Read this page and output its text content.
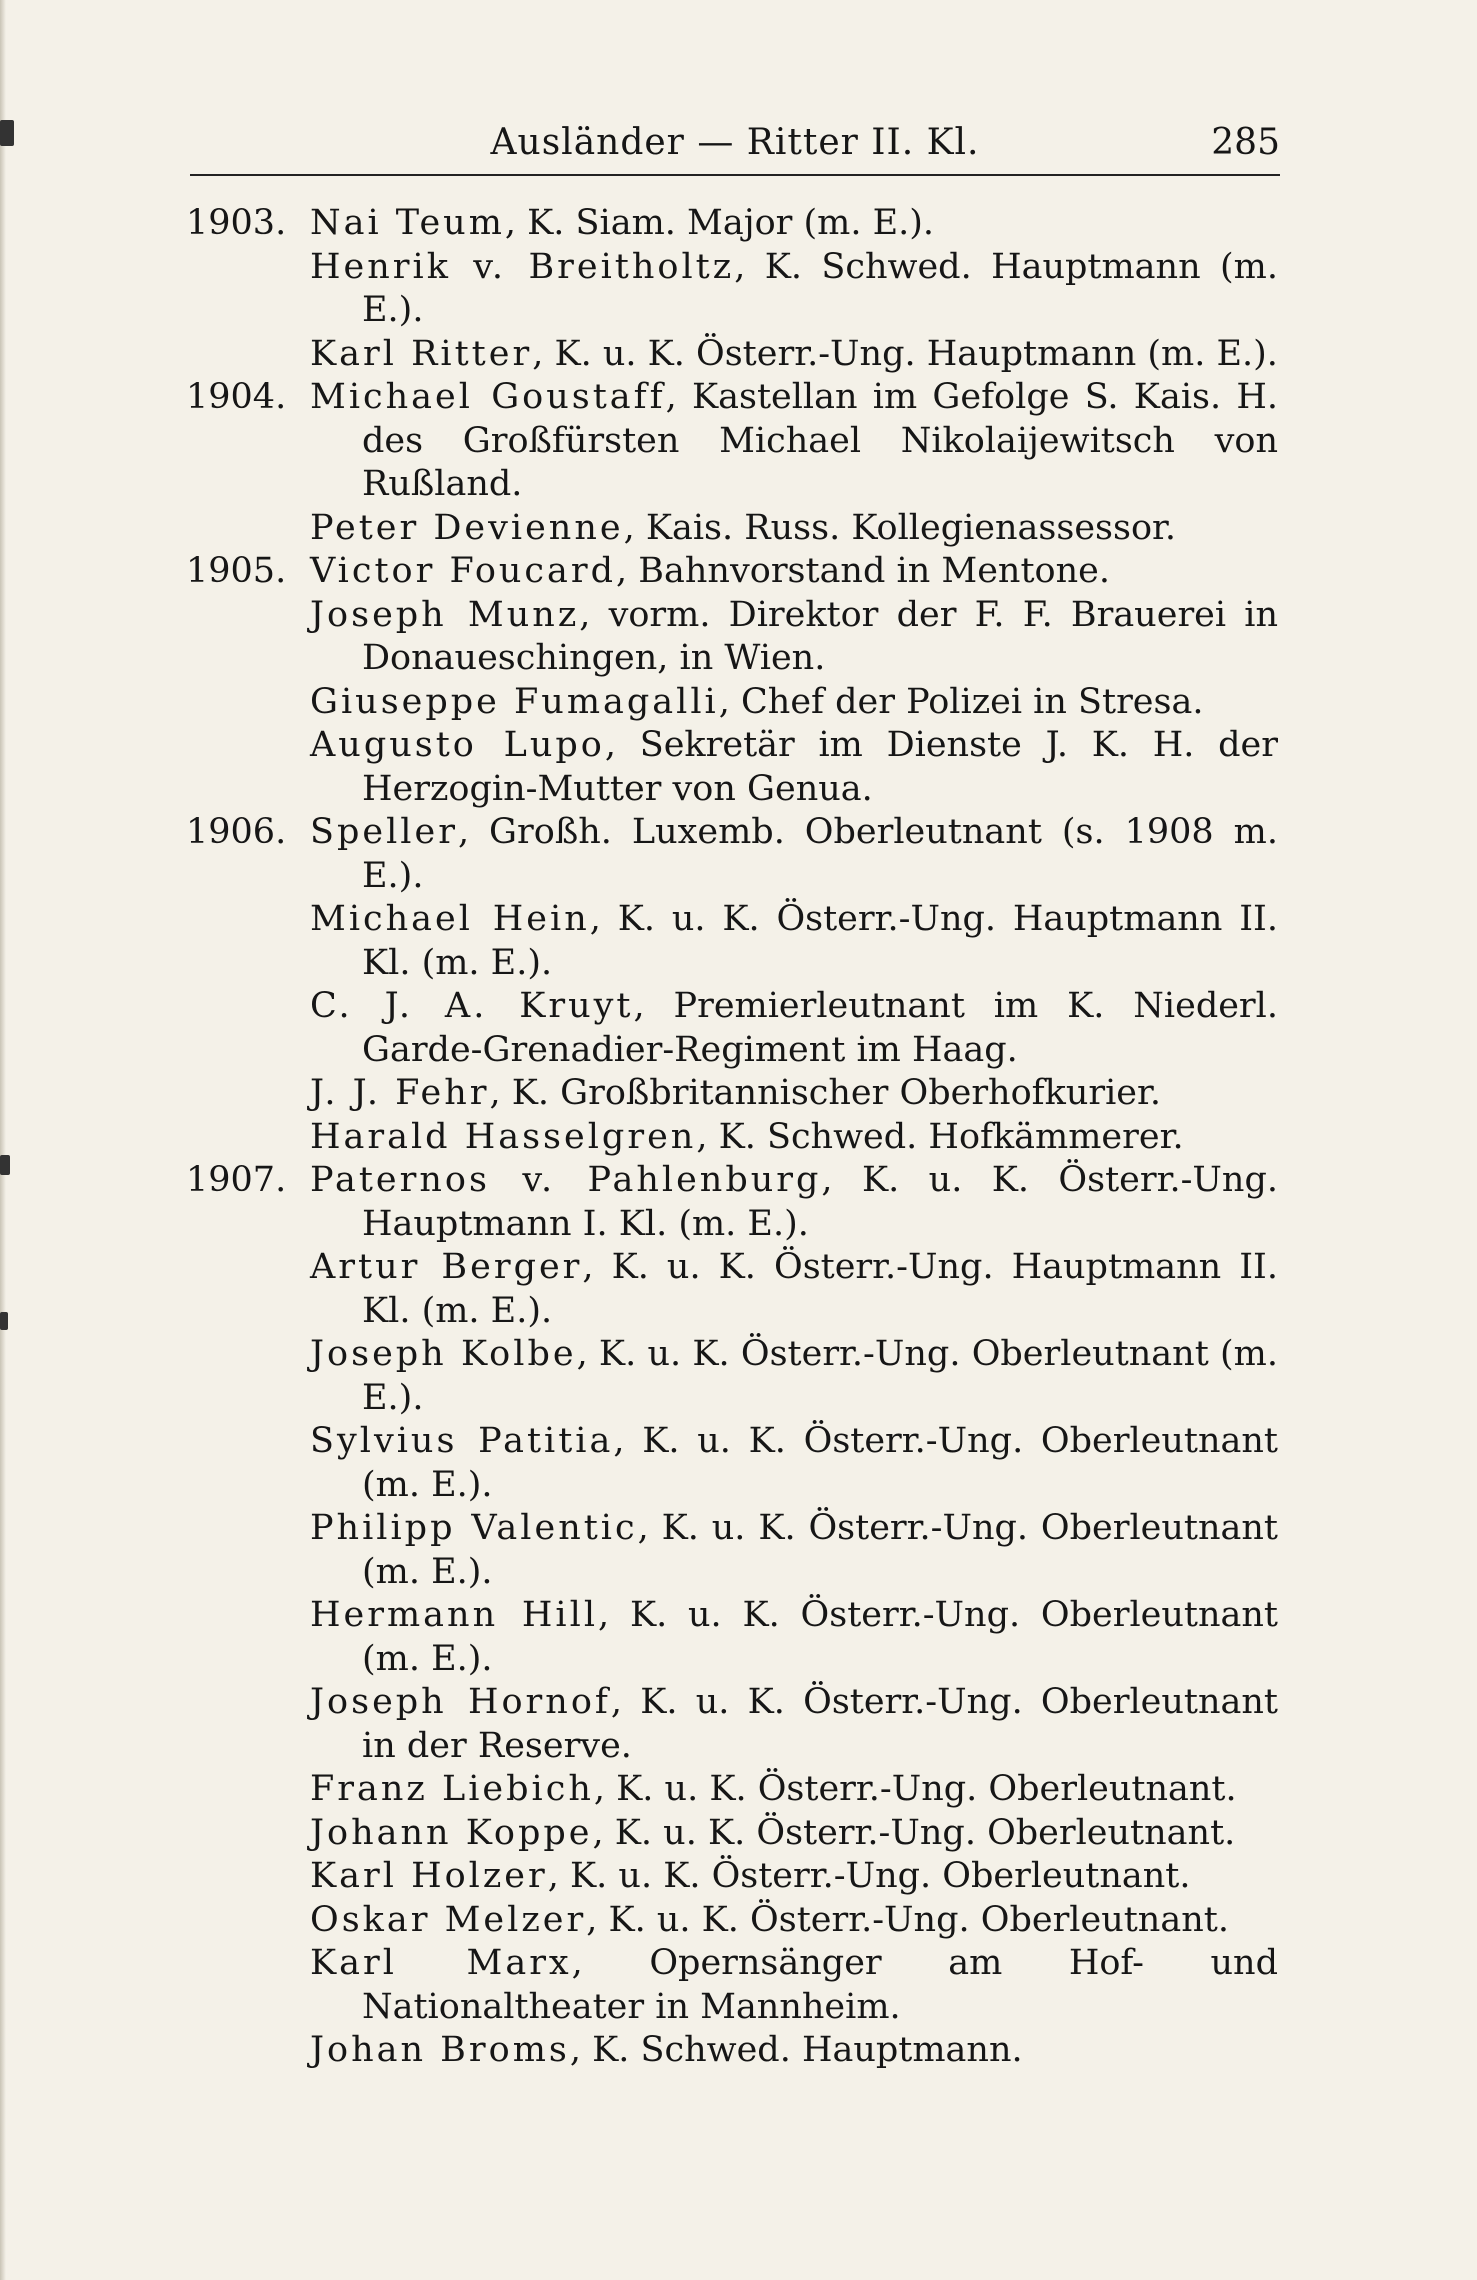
Ausländer — Ritter II. Kl.	285
1903. Nai Teum, K. Siam. Major (m. E.).
Henrik v. Breitholtz, K. Schwed. Hauptmann (m. E.).
Karl Ritter, K. u. K. Österr.-Ung. Hauptmann (m. E.).
1904. Michael Goustaff, Kastellan im Gefolge S. Kais. H. des Großfürsten Michael Nikolaijewitsch von Rußland.
Peter Devienne, Kais. Russ. Kollegienassessor.
1905. Victor Foucard, Bahnvorstand in Mentone.
Joseph Munz, vorm. Direktor der F. F. Brauerei in Donaueschingen, in Wien.
Giuseppe Fumagalli, Chef der Polizei in Stresa.
Augusto Lupo, Sekretär im Dienste J. K. H. der Herzogin-Mutter von Genua.
1906. Speller, Großh. Luxemb. Oberleutnant (s. 1908 m. E.).
Michael Hein, K. u. K. Österr.-Ung. Hauptmann II. Kl. (m. E.).
C. J. A. Kruyt, Premierleutnant im K. Niederl. Garde-Grenadier-Regiment im Haag.
J. J. Fehr, K. Großbritannischer Oberhofkurier.
Harald Hasselgren, K. Schwed. Hofkämmerer.
1907. Paternos v. Pahlenburg, K. u. K. Österr.-Ung. Hauptmann I. Kl. (m. E.).
Artur Berger, K. u. K. Österr.-Ung. Hauptmann II. Kl. (m. E.).
Joseph Kolbe, K. u. K. Österr.-Ung. Oberleutnant (m. E.).
Sylvius Patitia, K. u. K. Österr.-Ung. Oberleutnant (m. E.).
Philipp Valentic, K. u. K. Österr.-Ung. Oberleutnant (m. E.).
Hermann Hill, K. u. K. Österr.-Ung. Oberleutnant (m. E.).
Joseph Hornof, K. u. K. Österr.-Ung. Oberleutnant in der Reserve.
Franz Liebich, K. u. K. Österr.-Ung. Oberleutnant.
Johann Koppe, K. u. K. Österr.-Ung. Oberleutnant.
Karl Holzer, K. u. K. Österr.-Ung. Oberleutnant.
Oskar Melzer, K. u. K. Österr.-Ung. Oberleutnant.
Karl Marx, Opernsänger am Hof- und Nationaltheater in Mannheim.
Johan Broms, K. Schwed. Hauptmann.
